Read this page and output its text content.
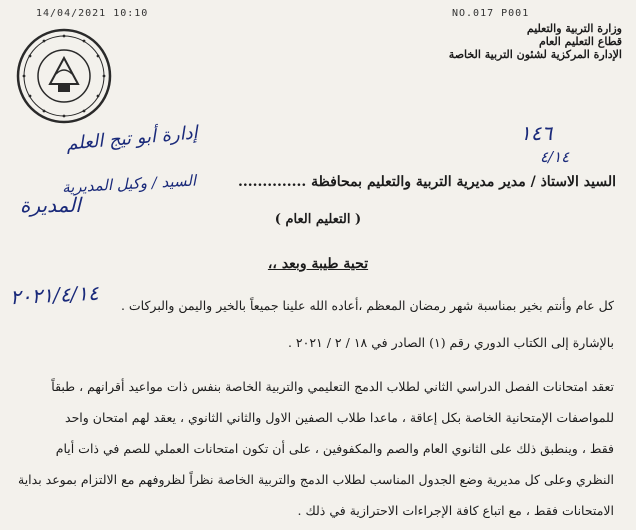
14/04/2021 10:10	NO.017 P001
وزارة التربية والتعليم
قطاع التعليم العام
الإدارة المركزية لشئون التربية الخاصة
١٤٦
٤/١٤
إدارة أبو تيج العلم
السيد / وكيل المديرية
المديرة
٢٠٢١/٤/١٤
السيد الاستاذ / مدير مديرية التربية والتعليم بمحافظة ..............
( التعليم العام )
تحية طيبة وبعد ،،
كل عام وأنتم بخير بمناسبة شهر رمضان المعظم ،أعاده الله علينا جميعاً بالخير واليمن والبركات .
بالإشارة إلى الكتاب الدوري رقم (١) الصادر في ١٨ / ٢ / ٢٠٢١ .
تعقد امتحانات الفصل الدراسي الثاني لطلاب الدمج التعليمي والتربية الخاصة بنفس ذات مواعيد أقرانهم ، طبقاً
للمواصفات الإمتحانية الخاصة بكل إعاقة ، ماعدا طلاب الصفين الاول والثاني الثانوي ، يعقد لهم امتحان واحد
فقط ، وينطبق ذلك على الثانوي العام والصم والمكفوفين ، على أن تكون امتحانات العملي للصم في ذات أيام
النظري وعلى كل مديرية وضع الجدول المناسب لطلاب الدمج والتربية الخاصة نظراً لظروفهم مع الالتزام بموعد بداية
الامتحانات فقط ، مع اتباع كافة الإجراءات الاحترازية في ذلك .
